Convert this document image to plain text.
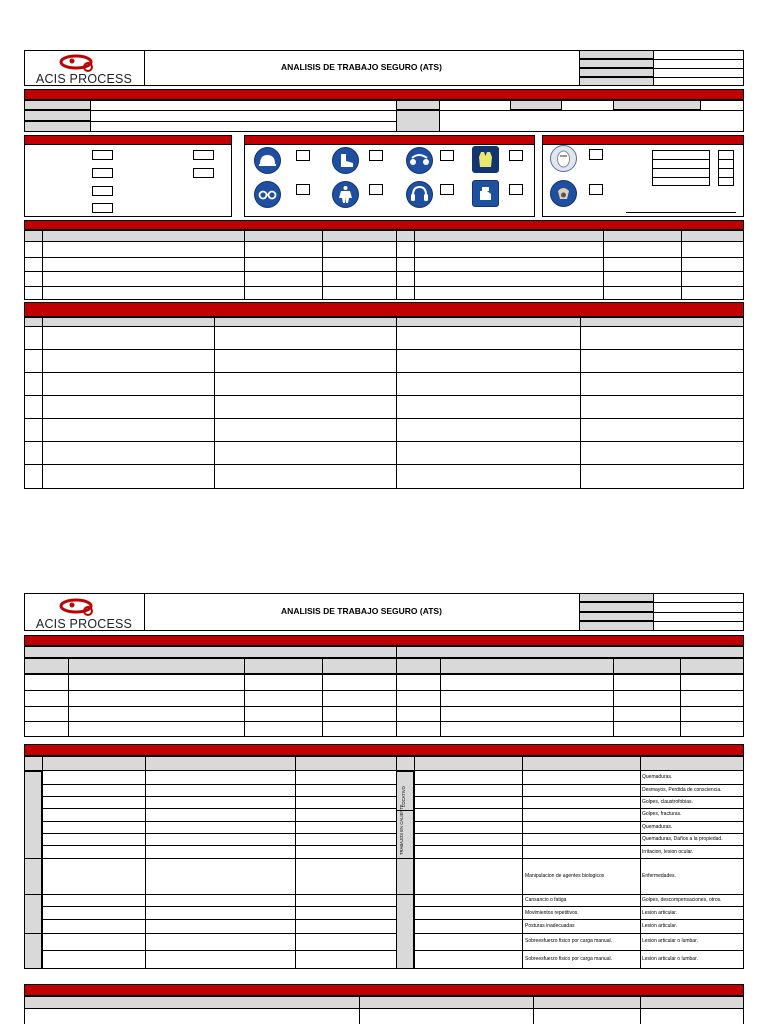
ACIS PROCESS
ANALISIS DE TRABAJO SEGURO (ATS)
ACIS PROCESS
ANALISIS DE TRABAJO SEGURO (ATS)
LOCATIVO
TRABAJOS EN CALIENTE
Quemaduras.
Desmayos, Perdida de consciencia.
Golpes, claustrofobias.
Golpes, fracturas.
Quemaduras.
Quemaduras, Daños a la propiedad.
Irritacion, lesion ocular.
Manipulacion de agentes biologicos	Enfermedades.
Cansancio o fatiga	Golpes, descompensaciones, otros.
Movimientos repetitivos.	Lesion articular.
Posturas inadecuadas	Lesion articular.
Sobreesfuerzo fisico por carga manual.	Lesion articular o lumbar.
Sobreesfuerzo fisico por carga manual.	Lesion articular o lumbar.
